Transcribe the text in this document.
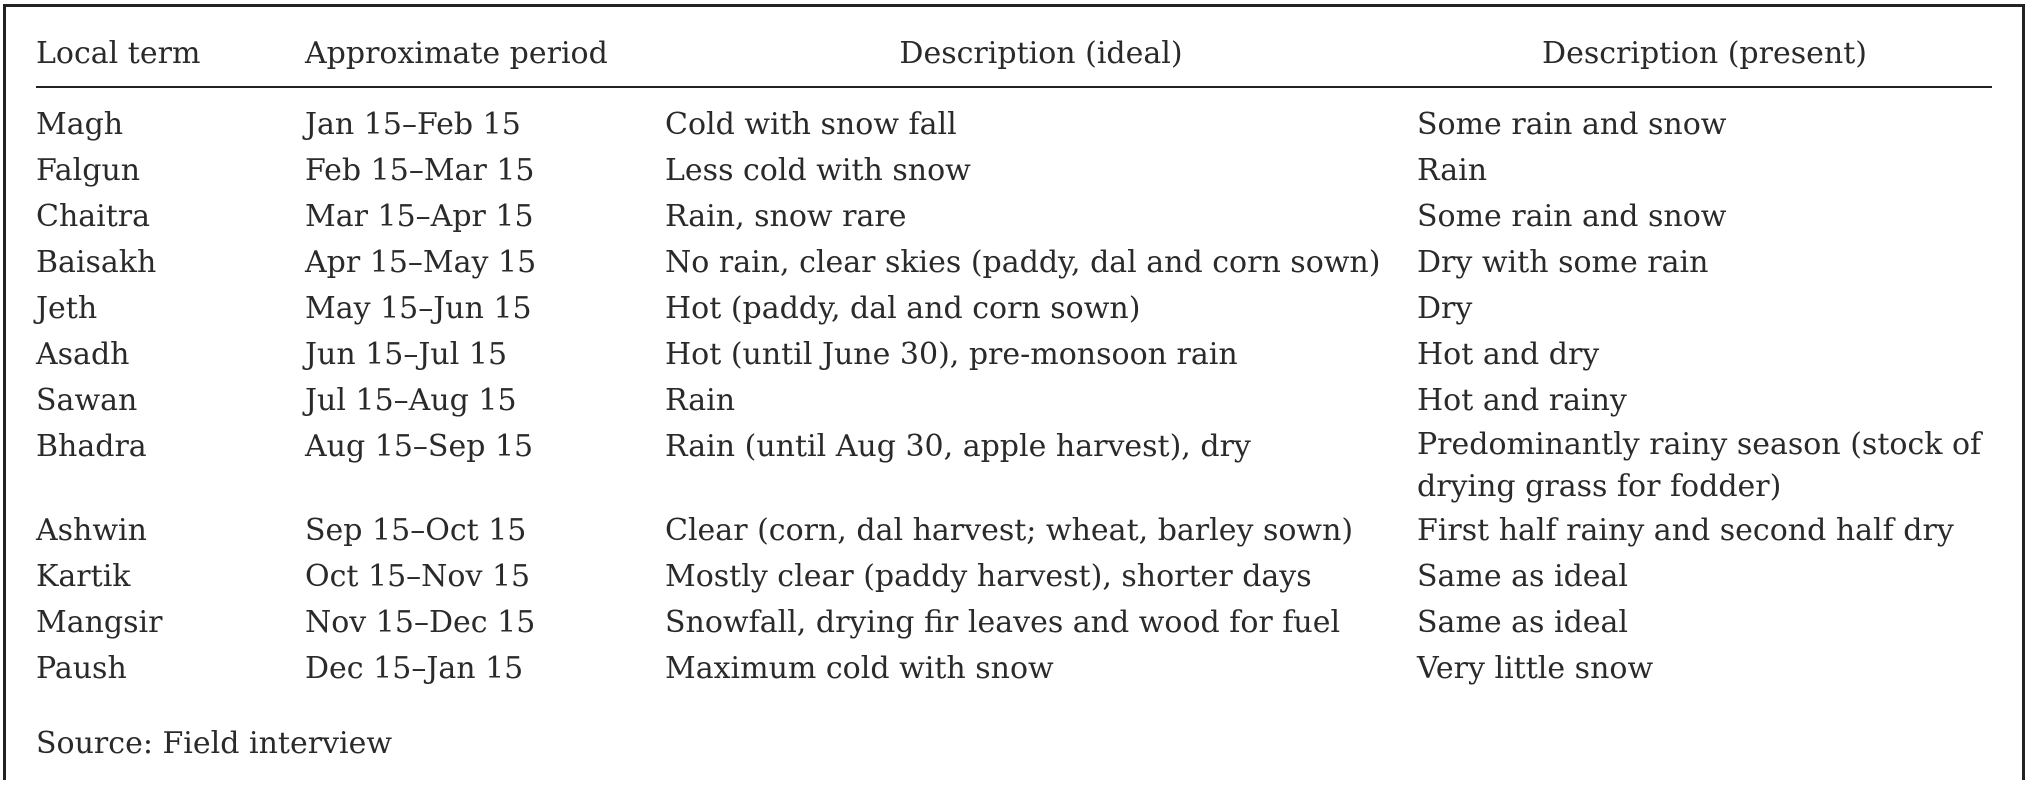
Local term	Approximate period	Description (ideal)	Description (present)
Magh	Jan 15–Feb 15	Cold with snow fall	Some rain and snow
Falgun	Feb 15–Mar 15	Less cold with snow	Rain
Chaitra	Mar 15–Apr 15	Rain, snow rare	Some rain and snow
Baisakh	Apr 15–May 15	No rain, clear skies (paddy, dal and corn sown)	Dry with some rain
Jeth	May 15–Jun 15	Hot (paddy, dal and corn sown)	Dry
Asadh	Jun 15–Jul 15	Hot (until June 30), pre-monsoon rain	Hot and dry
Sawan	Jul 15–Aug 15	Rain	Hot and rainy
Bhadra	Aug 15–Sep 15	Rain (until Aug 30, apple harvest), dry	Predominantly rainy season (stock of drying grass for fodder)
Ashwin	Sep 15–Oct 15	Clear (corn, dal harvest; wheat, barley sown)	First half rainy and second half dry
Kartik	Oct 15–Nov 15	Mostly clear (paddy harvest), shorter days	Same as ideal
Mangsir	Nov 15–Dec 15	Snowfall, drying fir leaves and wood for fuel	Same as ideal
Paush	Dec 15–Jan 15	Maximum cold with snow	Very little snow
Source: Field interview
